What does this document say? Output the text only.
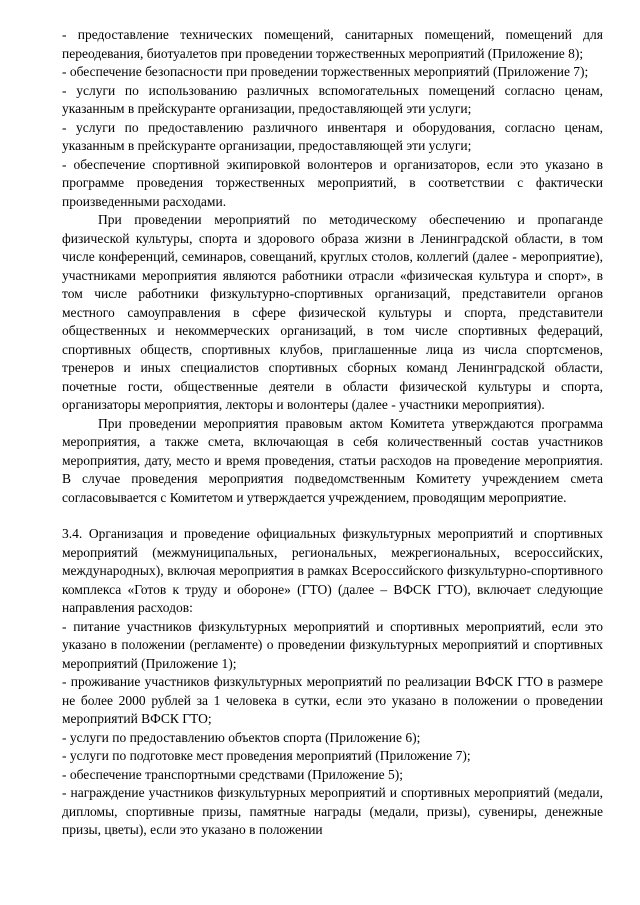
- предоставление технических помещений, санитарных помещений, помещений для переодевания, биотуалетов при проведении торжественных мероприятий (Приложение 8);

- обеспечение безопасности при проведении торжественных мероприятий (Приложение 7);

- услуги по использованию различных вспомогательных помещений согласно ценам, указанным в прейскуранте организации, предоставляющей эти услуги;

- услуги по предоставлению различного инвентаря и оборудования, согласно ценам, указанным в прейскуранте организации, предоставляющей эти услуги;

- обеспечение спортивной экипировкой волонтеров и организаторов, если это указано в программе проведения торжественных мероприятий, в соответствии с фактически произведенными расходами.

При проведении мероприятий по методическому обеспечению и пропаганде физической культуры, спорта и здорового образа жизни в Ленинградской области, в том числе конференций, семинаров, совещаний, круглых столов, коллегий (далее - мероприятие), участниками мероприятия являются работники отрасли «физическая культура и спорт», в том числе работники физкультурно-спортивных организаций, представители органов местного самоуправления в сфере физической культуры и спорта, представители общественных и некоммерческих организаций, в том числе спортивных федераций, спортивных обществ, спортивных клубов, приглашенные лица из числа спортсменов, тренеров и иных специалистов спортивных сборных команд Ленинградской области, почетные гости, общественные деятели в области физической культуры и спорта, организаторы мероприятия, лекторы и волонтеры (далее - участники мероприятия).

При проведении мероприятия правовым актом Комитета утверждаются программа мероприятия, а также смета, включающая в себя количественный состав участников мероприятия, дату, место и время проведения, статьи расходов на проведение мероприятия. В случае проведения мероприятия подведомственным Комитету учреждением смета согласовывается с Комитетом и утверждается учреждением, проводящим мероприятие.

3.4. Организация и проведение официальных физкультурных мероприятий и спортивных мероприятий (межмуниципальных, региональных, межрегиональных, всероссийских, международных), включая мероприятия в рамках Всероссийского физкультурно-спортивного комплекса «Готов к труду и обороне» (ГТО) (далее – ВФСК ГТО), включает следующие направления расходов:

- питание участников физкультурных мероприятий и спортивных мероприятий, если это указано в положении (регламенте) о проведении физкультурных мероприятий и спортивных мероприятий (Приложение 1);

- проживание участников физкультурных мероприятий по реализации ВФСК ГТО в размере не более 2000 рублей за 1 человека в сутки, если это указано в положении о проведении мероприятий ВФСК ГТО;

- услуги по предоставлению объектов спорта (Приложение 6);

- услуги по подготовке мест проведения мероприятий (Приложение 7);

- обеспечение транспортными средствами (Приложение 5);

- награждение участников физкультурных мероприятий и спортивных мероприятий (медали, дипломы, спортивные призы, памятные награды (медали, призы), сувениры, денежные призы, цветы), если это указано в положении
